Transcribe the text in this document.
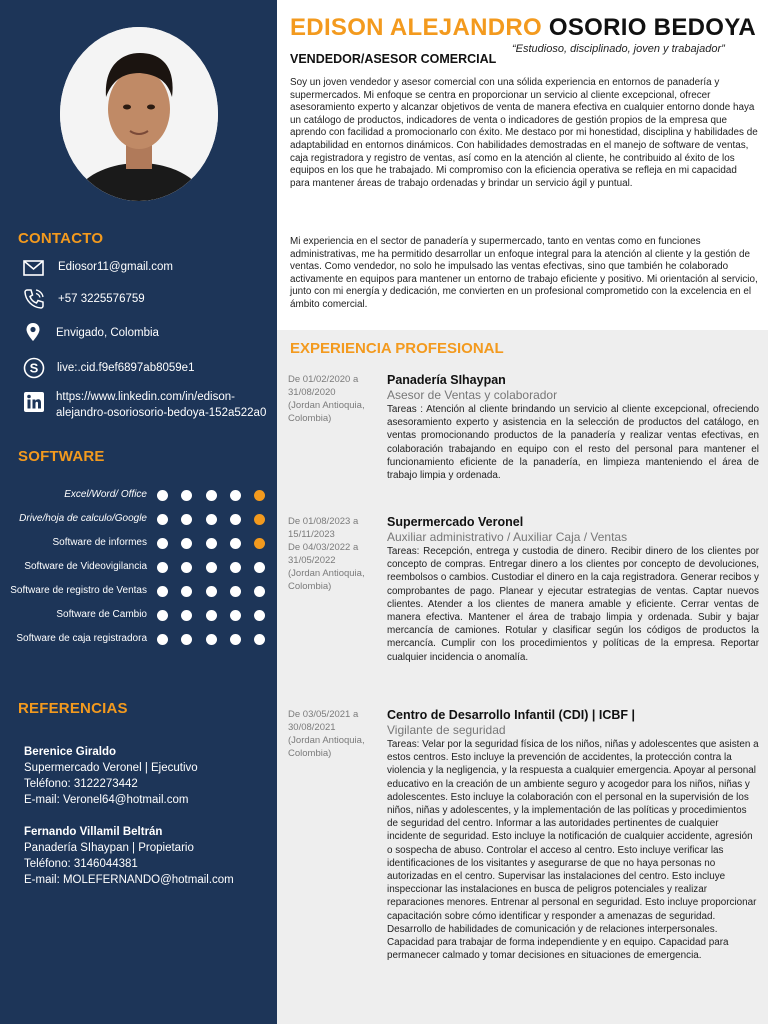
CONTACTO
Ediosor11@gmail.com
+57 3225576759
Envigado, Colombia
S live:.cid.f9ef6897ab8059e1
https://www.linkedin.com/in/edison-
alejandro-osoriosorio-bedoya-152a522a0
SOFTWARE
Excel/Word/ Office
Drive/hoja de calculo/Google
Software de informes
Software de Videovigilancia
Software de registro de Ventas
Software de Cambio
Software de caja registradora
REFERENCIAS
Berenice Giraldo
Supermercado Veronel | Ejecutivo
Teléfono: 3122273442
E-mail: Veronel64@hotmail.com
Fernando Villamil Beltrán
Panadería SIhaypan | Propietario
Teléfono: 3146044381
E-mail: MOLEFERNANDO@hotmail.com
EDISON ALEJANDRO OSORIO BEDOYA
VENDEDOR/ASESOR COMERCIAL
“Estudioso, disciplinado, joven y trabajador”
Soy un joven vendedor y asesor comercial con una sólida experiencia en entornos de panadería y supermercados. Mi enfoque se centra en proporcionar un servicio al cliente excepcional, ofrecer asesoramiento experto y alcanzar objetivos de venta de manera efectiva en cualquier entorno donde haya un catálogo de productos, indicadores de venta o indicadores de gestión propios de la empresa que aprendo con facilidad a promocionarlo con éxito. Me destaco por mi honestidad, disciplina y habilidades de adaptabilidad en entornos dinámicos. Con habilidades demostradas en el manejo de software de ventas, caja registradora y registro de ventas, así como en la atención al cliente, he contribuido al éxito de los equipos en los que he trabajado. Mi compromiso con la eficiencia operativa se refleja en mi capacidad para mantener áreas de trabajo ordenadas y brindar un servicio ágil y puntual.
Mi experiencia en el sector de panadería y supermercado, tanto en ventas como en funciones administrativas, me ha permitido desarrollar un enfoque integral para la atención al cliente y la gestión de ventas. Como vendedor, no solo he impulsado las ventas efectivas, sino que también he colaborado activamente en equipos para mantener un entorno de trabajo eficiente y positivo. Mi orientación al servicio, junto con mi energía y dedicación, me convierten en un profesional comprometido con la excelencia en el ámbito comercial.
EXPERIENCIA PROFESIONAL
De 01/02/2020 a 31/08/2020
(Jordan Antioquia, Colombia)
Panadería SIhaypan
Asesor de Ventas y colaborador
Tareas : Atención al cliente brindando un servicio al cliente excepcional, ofreciendo asesoramiento experto y asistencia en la selección de productos del catálogo, en ventas promocionando productos de la panadería y realizar ventas efectivas, en colaboración trabajando en equipo con el resto del personal para mantener el funcionamiento eficiente de la panadería, en limpieza manteniendo el área de trabajo limpia y ordenada.
De 01/08/2023 a 15/11/2023
De 04/03/2022 a 31/05/2022
(Jordan Antioquia, Colombia)
Supermercado Veronel
Auxiliar administrativo / Auxiliar Caja / Ventas
Tareas: Recepción, entrega y custodia de dinero. Recibir dinero de los clientes por concepto de compras. Entregar dinero a los clientes por concepto de devoluciones, reembolsos o cambios. Custodiar el dinero en la caja registradora. Generar recibos y comprobantes de pago. Planear y ejecutar estrategias de ventas. Captar nuevos clientes. Atender a los clientes de manera amable y eficiente. Cerrar ventas de manera efectiva. Mantener el área de trabajo limpia y ordenada. Subir y bajar mercancía de camiones. Rotular y clasificar según los códigos de productos la mercancía. Cumplir con los procedimientos y políticas de la empresa. Reportar cualquier incidencia o anomalía.
De 03/05/2021 a 30/08/2021
(Jordan Antioquia, Colombia)
Centro de Desarrollo Infantil (CDI) | ICBF |
Vigilante de seguridad
Tareas: Velar por la seguridad física de los niños, niñas y adolescentes que asisten a estos centros. Esto incluye la prevención de accidentes, la protección contra la violencia y la negligencia, y la respuesta a cualquier emergencia. Apoyar al personal educativo en la creación de un ambiente seguro y acogedor para los niños, niñas y adolescentes. Esto incluye la colaboración con el personal en la supervisión de los niños, niñas y adolescentes, y la implementación de las políticas y procedimientos de seguridad del centro. Informar a las autoridades pertinentes de cualquier incidente de seguridad. Esto incluye la notificación de cualquier accidente, agresión o sospecha de abuso. Controlar el acceso al centro. Esto incluye verificar las identificaciones de los visitantes y asegurarse de que no haya personas no autorizadas en el centro. Supervisar las instalaciones del centro. Esto incluye inspeccionar las instalaciones en busca de peligros potenciales y realizar reparaciones menores. Entrenar al personal en seguridad. Esto incluye proporcionar capacitación sobre cómo identificar y responder a amenazas de seguridad. Desarrollo de habilidades de comunicación y de relaciones interpersonales. Capacidad para trabajar de forma independiente y en equipo. Capacidad para permanecer calmado y tomar decisiones en situaciones de emergencia.
